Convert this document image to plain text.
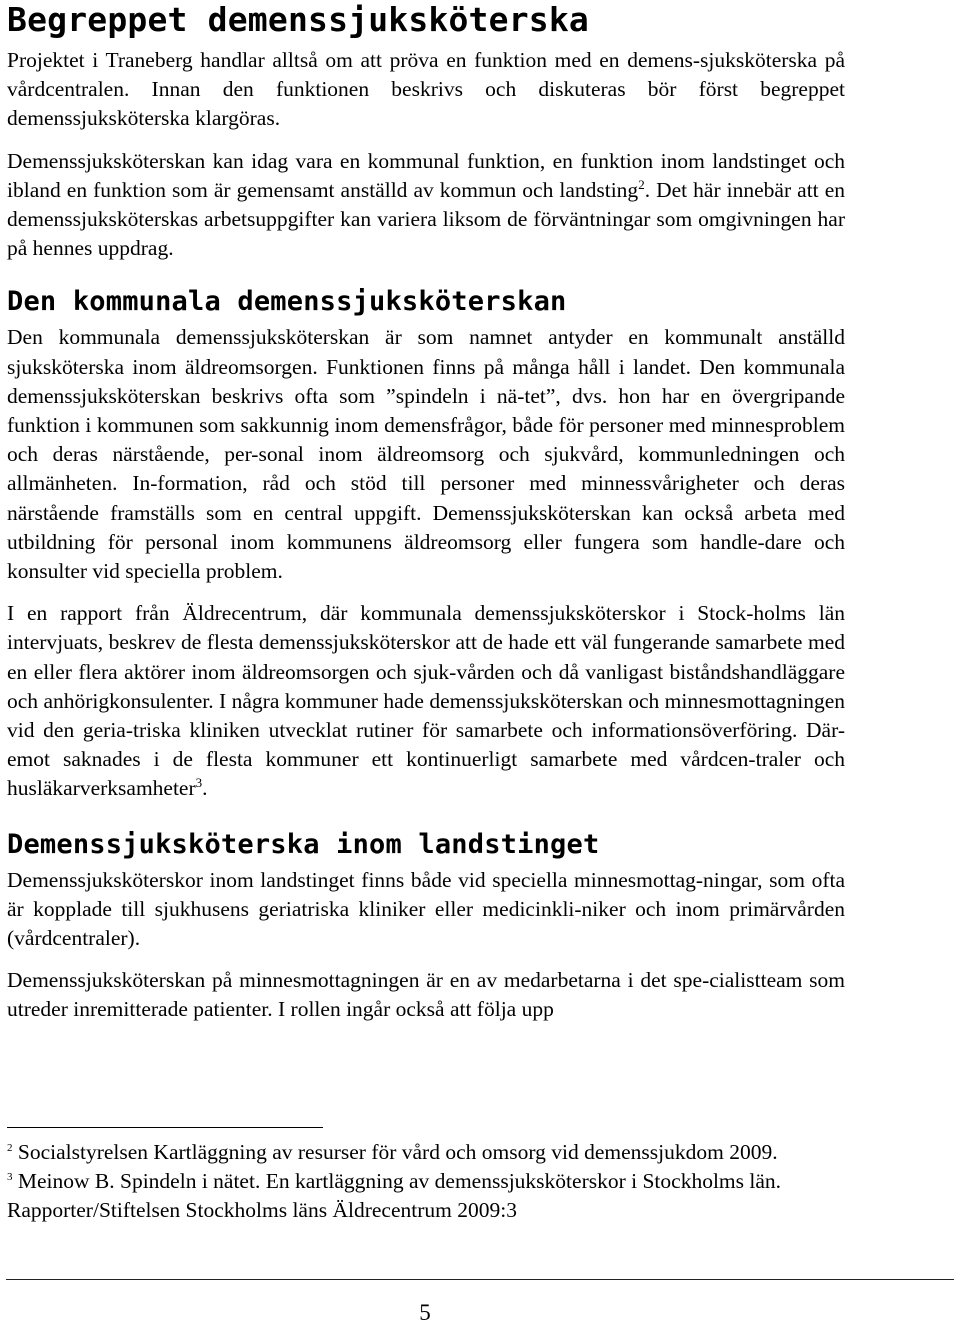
Begreppet demenssjuksköterska

Projektet i Traneberg handlar alltså om att pröva en funktion med en demens-sjuksköterska på vårdcentralen. Innan den funktionen beskrivs och diskuteras bör först begreppet demenssjuksköterska klargöras.

Demenssjuksköterskan kan idag vara en kommunal funktion, en funktion inom landstinget och ibland en funktion som är gemensamt anställd av kommun och landsting$^2$. Det här innebär att en demenssjuksköterskas arbetsuppgifter kan variera liksom de förväntningar som omgivningen har på hennes uppdrag.

Den kommunala demenssjuksköterskan

Den kommunala demenssjuksköterskan är som namnet antyder en kommunalt anställd sjuksköterska inom äldreomsorgen. Funktionen finns på många håll i landet. Den kommunala demenssjuksköterskan beskrivs ofta som ”spindeln i nä-tet”, dvs. hon har en övergripande funktion i kommunen som sakkunnig inom demensfrågor, både för personer med minnesproblem och deras närstående, per-sonal inom äldreomsorg och sjukvård, kommunledningen och allmänheten. In-formation, råd och stöd till personer med minnessvårigheter och deras närstående framställs som en central uppgift. Demenssjuksköterskan kan också arbeta med utbildning för personal inom kommunens äldreomsorg eller fungera som handle-dare och konsulter vid speciella problem.

I en rapport från Äldrecentrum, där kommunala demenssjuksköterskor i Stock-holms län intervjuats, beskrev de flesta demenssjuksköterskor att de hade ett väl fungerande samarbete med en eller flera aktörer inom äldreomsorgen och sjuk-vården och då vanligast biståndshandläggare och anhörigkonsulenter. I några kommuner hade demenssjuksköterskan och minnesmottagningen vid den geria-triska kliniken utvecklat rutiner för samarbete och informationsöverföring. Där-emot saknades i de flesta kommuner ett kontinuerligt samarbete med vårdcen-traler och husläkarverksamheter$^3$.

Demenssjuksköterska inom landstinget

Demenssjuksköterskor inom landstinget finns både vid speciella minnesmottag-ningar, som ofta är kopplade till sjukhusens geriatriska kliniker eller medicinkli-niker och inom primärvården (vårdcentraler).

Demenssjuksköterskan på minnesmottagningen är en av medarbetarna i det spe-cialistteam som utreder inremitterade patienter. I rollen ingår också att följa upp

$^2$ Socialstyrelsen Kartläggning av resurser för vård och omsorg vid demenssjukdom 2009.

$^3$ Meinow B. Spindeln i nätet. En kartläggning av demenssjuksköterskor i Stockholms län. Rapporter/Stiftelsen Stockholms läns Äldrecentrum 2009:3

5
